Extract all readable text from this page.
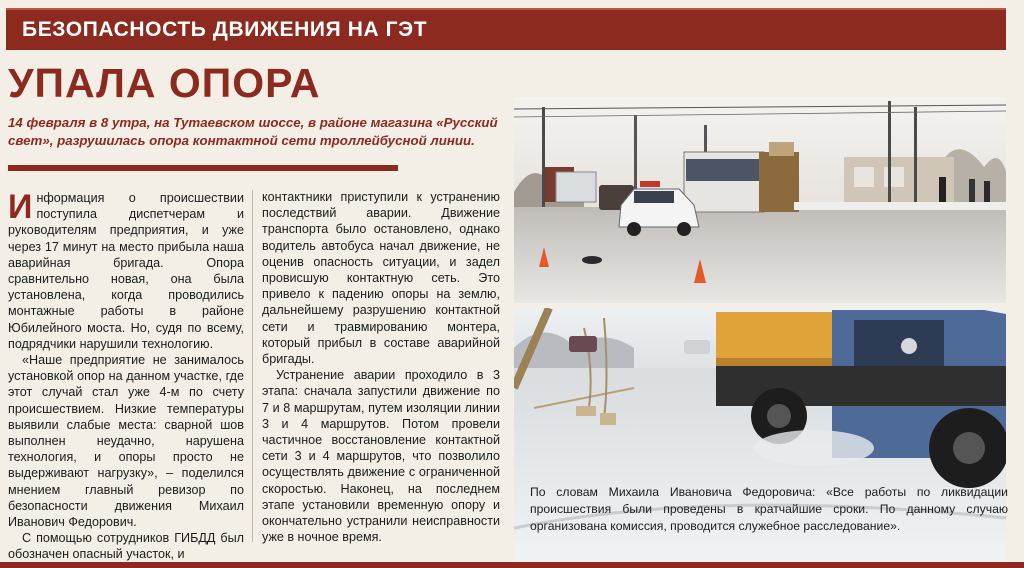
БЕЗОПАСНОСТЬ ДВИЖЕНИЯ НА ГЭТ
УПАЛА ОПОРА
14 февраля в 8 утра, на Тутаевском шоссе, в районе магазина «Русский свет», разрушилась опора контактной сети троллейбусной линии.

Информация о происшествии поступила диспетчерам и руководителям предприятия, и уже через 17 минут на место прибыла наша аварийная бригада. Опора сравнительно новая, она была установлена, когда проводились монтажные работы в районе Юбилейного моста. Но, судя по всему, подрядчики нарушили технологию.

«Наше предприятие не занималось установкой опор на данном участке, где этот случай стал уже 4-м по счету происшествием. Низкие температуры выявили слабые места: сварной шов выполнен неудачно, нарушена технология, и опоры просто не выдерживают нагрузку», – поделился мнением главный ревизор по безопасности движения Михаил Иванович Федорович.

С помощью сотрудников ГИБДД был обозначен опасный участок, и

контактники приступили к устранению последствий аварии. Движение транспорта было остановлено, однако водитель автобуса начал движение, не оценив опасность ситуации, и задел провисшую контактную сеть. Это привело к падению опоры на землю, дальнейшему разрушению контактной сети и травмированию монтера, который прибыл в составе аварийной бригады.

Устранение аварии проходило в 3 этапа: сначала запустили движение по 7 и 8 маршрутам, путем изоляции линии 3 и 4 маршрутов. Потом провели частичное восстановление контактной сети 3 и 4 маршрутов, что позволило осуществлять движение с ограниченной скоростью. Наконец, на последнем этапе установили временную опору и окончательно устранили неисправности уже в ночное время.

По словам Михаила Ивановича Федоровича: «Все работы по ликвидации происшествия были проведены в кратчайшие сроки. По данному случаю организована комиссия, проводится служебное расследование».
